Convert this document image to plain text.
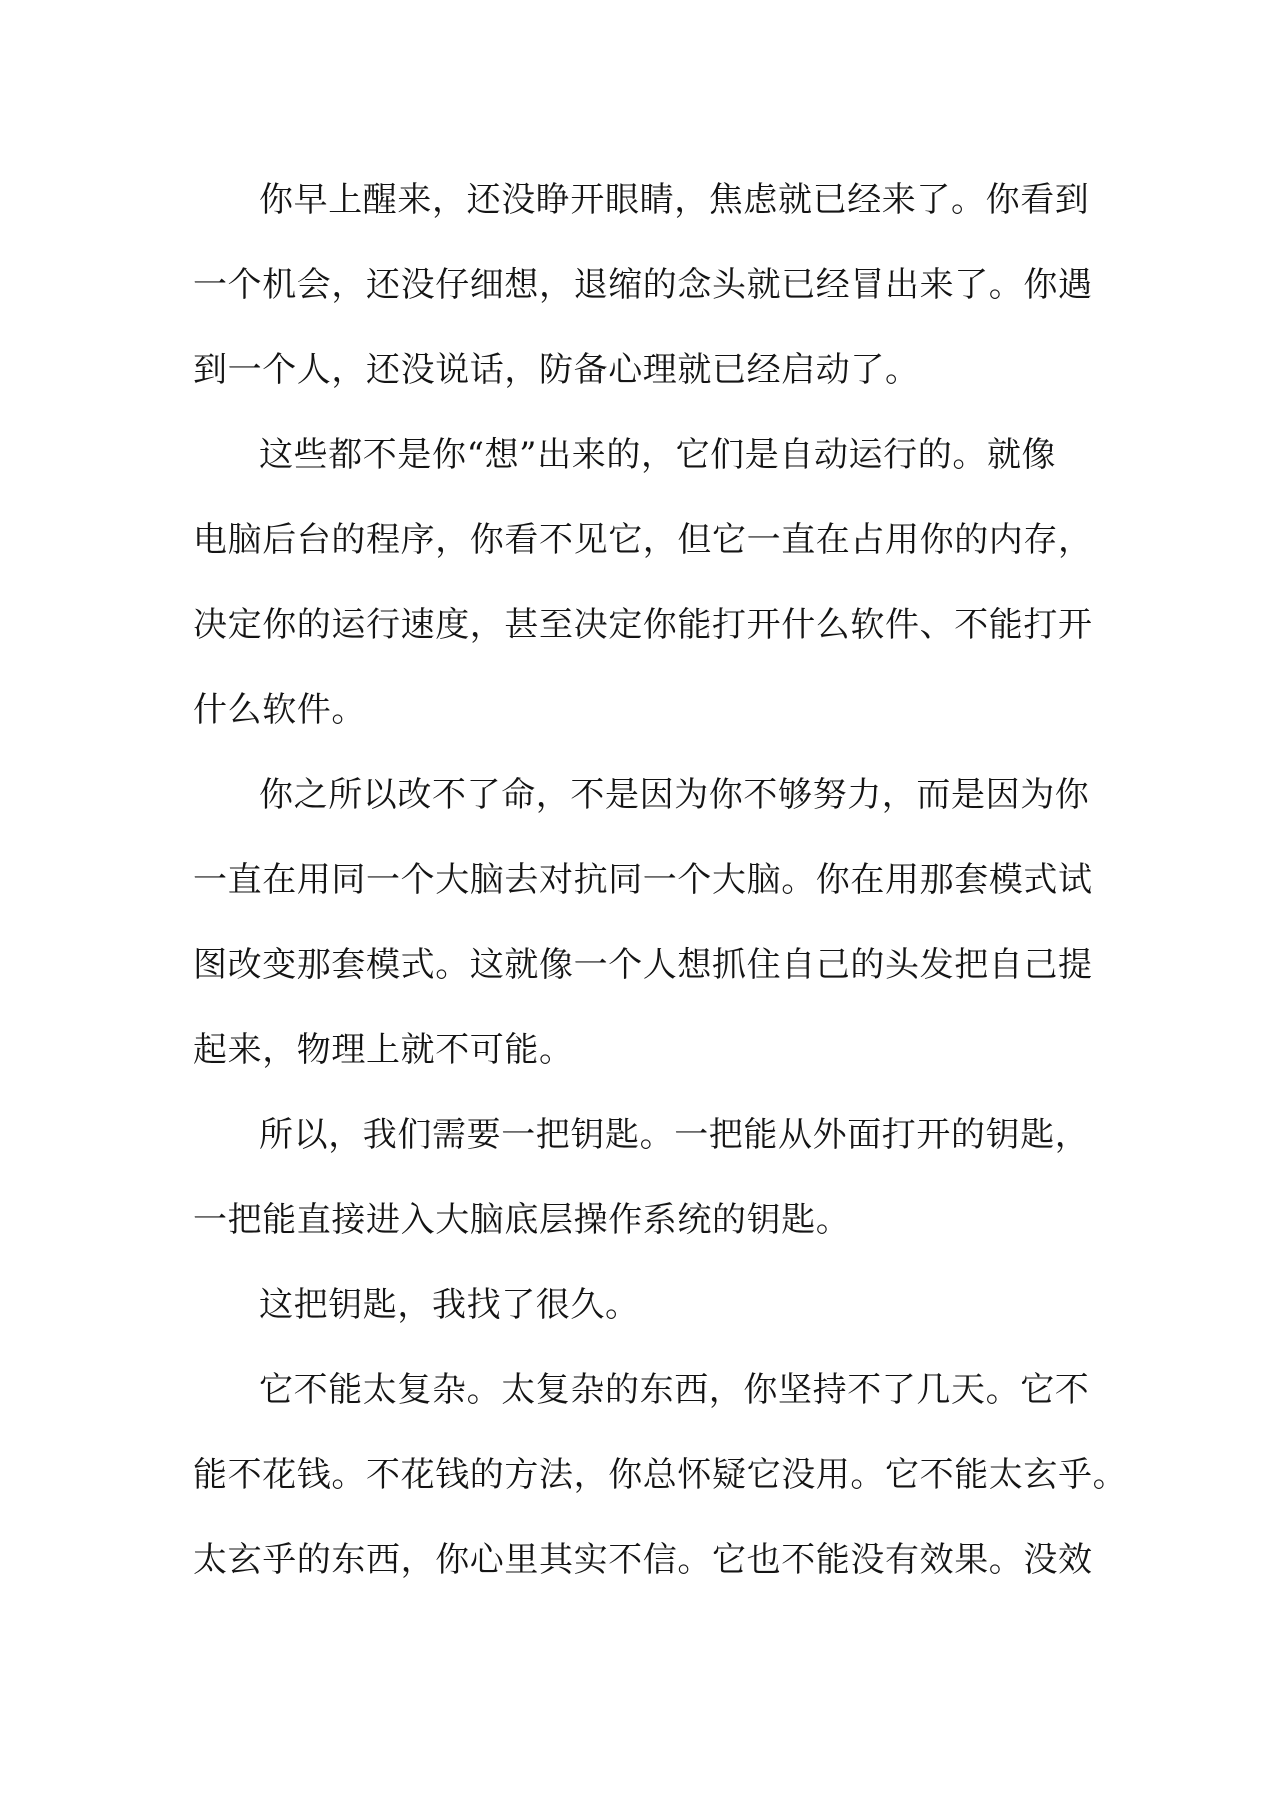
你早上醒来，还没睁开眼睛，焦虑就已经来了。你看到
一个机会，还没仔细想，退缩的念头就已经冒出来了。你遇
到一个人，还没说话，防备心理就已经启动了。

这些都不是你“想”出来的，它们是自动运行的。就像
电脑后台的程序，你看不见它，但它一直在占用你的内存，
决定你的运行速度，甚至决定你能打开什么软件、不能打开
什么软件。

你之所以改不了命，不是因为你不够努力，而是因为你
一直在用同一个大脑去对抗同一个大脑。你在用那套模式试
图改变那套模式。这就像一个人想抓住自己的头发把自己提
起来，物理上就不可能。

所以，我们需要一把钥匙。一把能从外面打开的钥匙，
一把能直接进入大脑底层操作系统的钥匙。

这把钥匙，我找了很久。

它不能太复杂。太复杂的东西，你坚持不了几天。它不
能不花钱。不花钱的方法，你总怀疑它没用。它不能太玄乎。
太玄乎的东西，你心里其实不信。它也不能没有效果。没效
